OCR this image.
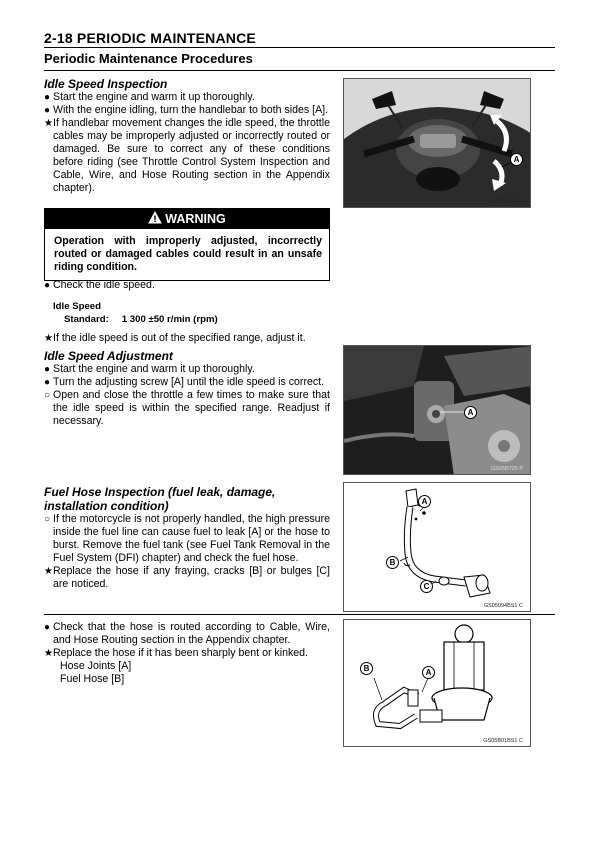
2-18 PERIODIC MAINTENANCE
Periodic Maintenance Procedures
Idle Speed Inspection
● Start the engine and warm it up thoroughly.
● With the engine idling, turn the handlebar to both sides [A].
★ If handlebar movement changes the idle speed, the throttle cables may be improperly adjusted or incorrectly routed or damaged. Be sure to correct any of these conditions before riding (see Throttle Control System Inspection and Cable, Wire, and Hose Routing section in the Appendix chapter).
WARNING
Operation with improperly adjusted, incorrectly routed or damaged cables could result in an unsafe riding condition.
● Check the idle speed.
Idle Speed
Standard: 1 300 ±50 r/min (rpm)
★ If the idle speed is out of the specified range, adjust it.
Idle Speed Adjustment
● Start the engine and warm it up thoroughly.
● Turn the adjusting screw [A] until the idle speed is correct.
○ Open and close the throttle a few times to make sure that the idle speed is within the specified range. Readjust if necessary.
Fuel Hose Inspection (fuel leak, damage,
installation condition)
○ If the motorcycle is not properly handled, the high pressure inside the fuel line can cause fuel to leak [A] or the hose to burst. Remove the fuel tank (see Fuel Tank Removal in the Fuel System (DFI) chapter) and check the fuel hose.
★ Replace the hose if any fraying, cracks [B] or bulges [C] are noticed.
● Check that the hose is routed according to Cable, Wire, and Hose Routing section in the Appendix chapter.
★ Replace the hose if it has been sharply bent or kinked.
Hose Joints [A]
Fuel Hose [B]
A
GS05B724 P
A
GS05B725 P
A
B
C
GS05094BS1 C
A
B
GS05B01BS1 C
